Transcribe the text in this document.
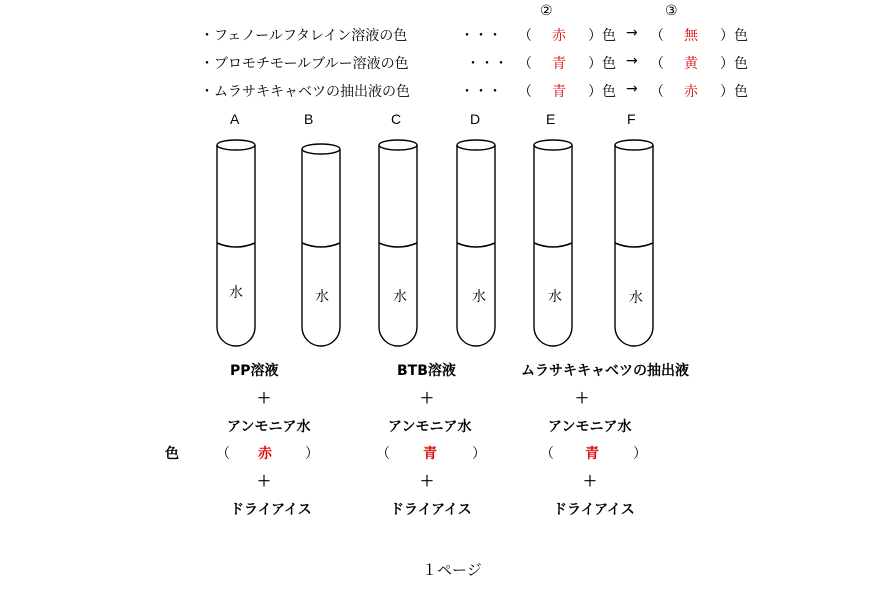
②	③
・フェノールフタレイン溶液の色	・・・ （ 赤 ）色 → （ 無 ）色
・ブロモチモールブルー溶液の色	・・・ （ 青 ）色 → （ 黄 ）色
・ムラサキキャベツの抽出液の色	・・・ （ 青 ）色 → （ 赤 ）色
A	B	C	D	E	F
水	水	水	水	水	水
PP溶液
＋
アンモニア水
色	（ 赤 ）
＋
ドライアイス
BTB溶液
＋
アンモニア水
（ 青	）
＋
ドライアイス
ムラサキキャベツの抽出液
＋
アンモニア水
（ 青 ）
＋
ドライアイス
１ページ
